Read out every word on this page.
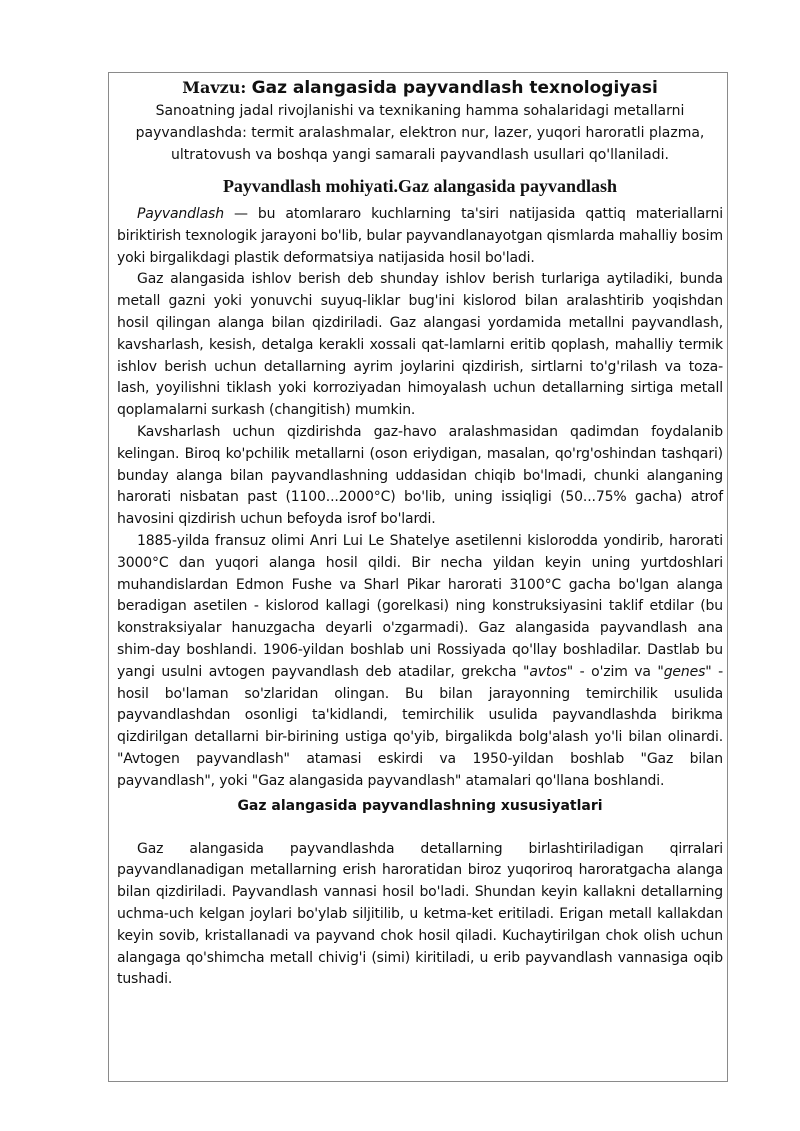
Mavzu: Gaz alangasida payvandlash texnologiyasi

Sanoatning jadal rivojlanishi va texnikaning hamma sohalaridagi metallarni payvandlashda: termit aralashmalar, elektron nur, lazer, yuqori haroratli plazma, ultratovush va boshqa yangi samarali payvandlash usullari qo'llaniladi.

Payvandlash mohiyati.Gaz alangasida payvandlash

Payvandlash — bu atomlararo kuchlarning ta'siri natijasida qattiq materiallarni biriktirish texnologik jarayoni bo'lib, bular payvandlanayotgan qismlarda mahalliy bosim yoki birgalikdagi plastik deformatsiya natijasida hosil bo'ladi.

Gaz alangasida ishlov berish deb shunday ishlov berish turlariga aytiladiki, bunda metall gazni yoki yonuvchi suyuq-liklar bug'ini kislorod bilan aralashtirib yoqishdan hosil qilingan alanga bilan qizdiriladi. Gaz alangasi yordamida metallni payvandlash, kavsharlash, kesish, detalga kerakli xossali qat-lamlarni eritib qoplash, mahalliy termik ishlov berish uchun detallarning ayrim joylarini qizdirish, sirtlarni to'g'rilash va toza-lash, yoyilishni tiklash yoki korroziyadan himoyalash uchun detallarning sirtiga metall qoplamalarni surkash (changitish) mumkin.

Kavsharlash uchun qizdirishda gaz-havo aralashmasidan qadimdan foydalanib kelingan. Biroq ko'pchilik metallarni (oson eriydigan, masalan, qo'rg'oshindan tashqari) bunday alanga bilan payvandlashning uddasidan chiqib bo'lmadi, chunki alanganing harorati nisbatan past (1100...2000°C) bo'lib, uning issiqligi (50...75% gacha) atrof havosini qizdirish uchun befoyda isrof bo'lardi.

1885-yilda fransuz olimi Anri Lui Le Shatelye asetilenni kislorodda yondirib, harorati 3000°C dan yuqori alanga hosil qildi. Bir necha yildan keyin uning yurtdoshlari muhandislardan Edmon Fushe va Sharl Pikar harorati 3100°C gacha bo'lgan alanga beradigan asetilen - kislorod kallagi (gorelkasi) ning konstruksiyasini taklif etdilar (bu konstraksiyalar hanuzgacha deyarli o'zgarmadi). Gaz alangasida payvandlash ana shim-day boshlandi. 1906-yildan boshlab uni Rossiyada qo'llay boshladilar. Dastlab bu yangi usulni avtogen payvandlash deb atadilar, grekcha "avtos" - o'zim va "genes" - hosil bo'laman so'zlaridan olingan. Bu bilan jarayonning temirchilik usulida payvandlashdan osonligi ta'kidlandi, temirchilik usulida payvandlashda birikma qizdirilgan detallarni bir-birining ustiga qo'yib, birgalikda bolg'alash yo'li bilan olinardi. "Avtogen payvandlash" atamasi eskirdi va 1950-yildan boshlab "Gaz bilan payvandlash", yoki "Gaz alangasida payvandlash" atamalari qo'llana boshlandi.

Gaz alangasida payvandlashning xususiyatlari

Gaz alangasida payvandlashda detallarning birlashtiriladigan qirralari payvandlanadigan metallarning erish haroratidan biroz yuqoriroq haroratgacha alanga bilan qizdiriladi. Payvandlash vannasi hosil bo'ladi. Shundan keyin kallakni detallarning uchma-uch kelgan joylari bo'ylab siljitilib, u ketma-ket eritiladi. Erigan metall kallakdan keyin sovib, kristallanadi va payvand chok hosil qiladi. Kuchaytirilgan chok olish uchun alangaga qo'shimcha metall chivig'i (simi) kiritiladi, u erib payvandlash vannasiga oqib tushadi.
